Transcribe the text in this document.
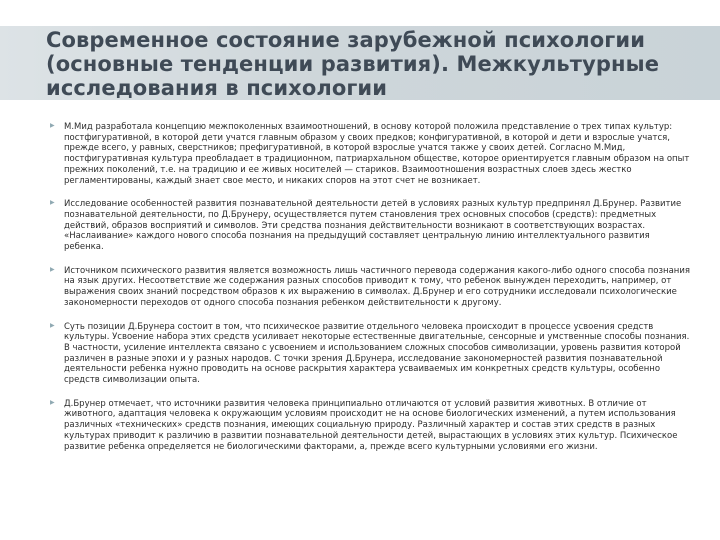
Современное состояние зарубежной психологии (основные тенденции развития). Межкультурные исследования в психологии
▶ М.Мид разработала концепцию межпоколенных взаимоотношений, в основу которой положила представление о трех типах культур: постфигуративной, в которой дети учатся главным образом у своих предков; конфигуративной, в которой и дети и взрослые учатся, прежде всего, у равных, сверстников; префигуративной, в которой взрослые учатся также у своих детей. Согласно М.Мид, постфигуративная культура преобладает в традиционном, патриархальном обществе, которое ориентируется главным образом на опыт прежних поколений, т.е. на традицию и ее живых носителей — стариков. Взаимоотношения возрастных слоев здесь жестко регламентированы, каждый знает свое место, и никаких споров на этот счет не возникает.
▶ Исследование особенностей развития познавательной деятельности детей в условиях разных культур предпринял Д.Брунер. Развитие познавательной деятельности, по Д.Брунеру, осуществляется путем становления трех основных способов (средств): предметных действий, образов восприятий и символов. Эти средства познания действительности возникают в соответствующих возрастах. «Наслаивание» каждого нового способа познания на предыдущий составляет центральную линию интеллектуального развития ребенка.
▶ Источником психического развития является возможность лишь частичного перевода содержания какого-либо одного способа познания на язык других. Несоответствие же содержания разных способов приводит к тому, что ребенок вынужден переходить, например, от выражения своих знаний посредством образов к их выражению в символах. Д.Брунер и его сотрудники исследовали психологические закономерности переходов от одного способа познания ребенком действительности к другому.
▶ Суть позиции Д.Брунера состоит в том, что психическое развитие отдельного человека происходит в процессе усвоения средств культуры. Усвоение набора этих средств усиливает некоторые естественные двигательные, сенсорные и умственные способы познания. В частности, усиление интеллекта связано с усвоением и использованием сложных способов символизации, уровень развития которой различен в разные эпохи и у разных народов. С точки зрения Д.Брунера, исследование закономерностей развития познавательной деятельности ребенка нужно проводить на основе раскрытия характера усваиваемых им конкретных средств культуры, особенно средств символизации опыта.
▶ Д.Брунер отмечает, что источники развития человека принципиально отличаются от условий развития животных. В отличие от животного, адаптация человека к окружающим условиям происходит не на основе биологических изменений, а путем использования различных «технических» средств познания, имеющих социальную природу. Различный характер и состав этих средств в разных культурах приводит к различию в развитии познавательной деятельности детей, вырастающих в условиях этих культур. Психическое развитие ребенка определяется не биологическими факторами, а, прежде всего культурными условиями его жизни.
